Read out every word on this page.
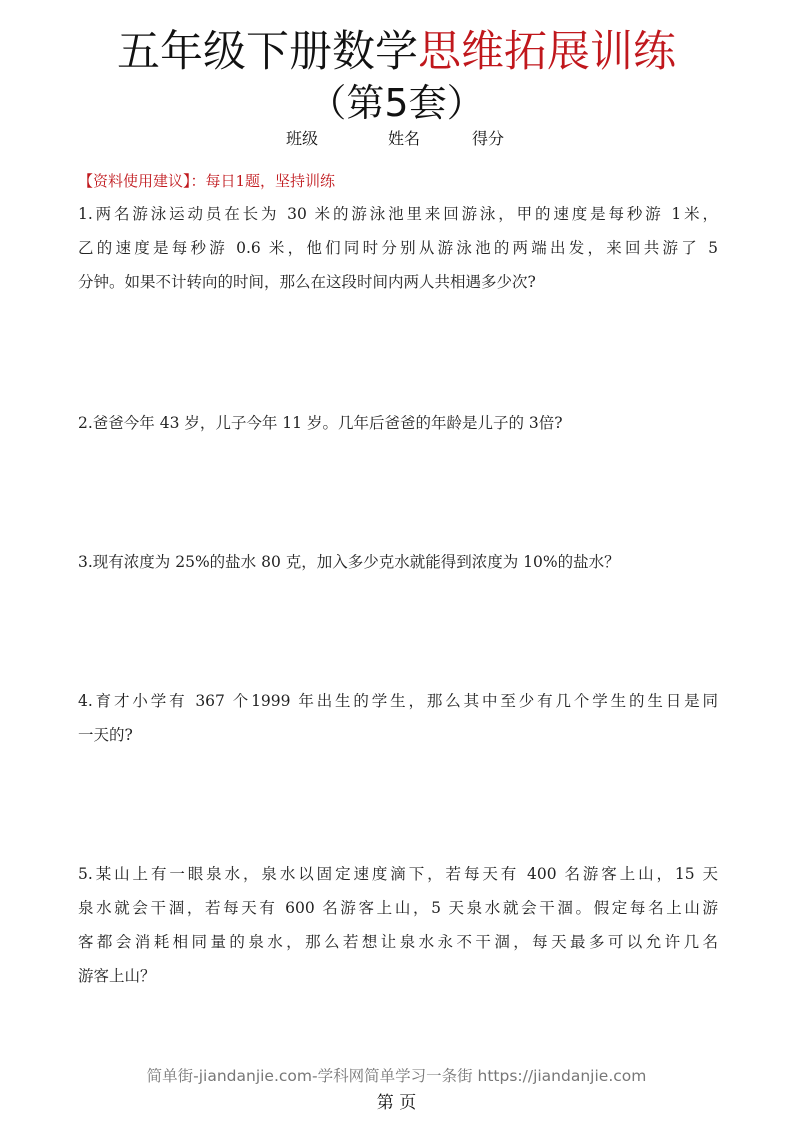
五年级下册数学思维拓展训练
（第5套）
班级	姓名	得分
【资料使用建议】：每日1题，坚持训练
1.两名游泳运动员在长为 30 米的游泳池里来回游泳，甲的速度是每秒游 1米，
乙的速度是每秒游 0.6 米，他们同时分别从游泳池的两端出发，来回共游了 5
分钟。如果不计转向的时间，那么在这段时间内两人共相遇多少次?
2.爸爸今年 43 岁，儿子今年 11 岁。几年后爸爸的年龄是儿子的 3倍?
3.现有浓度为 25%的盐水 80 克，加入多少克水就能得到浓度为 10%的盐水？
4.育才小学有 367 个1999 年出生的学生，那么其中至少有几个学生的生日是同
一天的?
5.某山上有一眼泉水，泉水以固定速度滴下，若每天有 400 名游客上山，15 天
泉水就会干涸，若每天有 600 名游客上山，5 天泉水就会干涸。假定每名上山游
客都会消耗相同量的泉水，那么若想让泉水永不干涸，每天最多可以允许几名
游客上山？
简单街-jiandanjie.com-学科网简单学习一条街 https://jiandanjie.com
第 页
